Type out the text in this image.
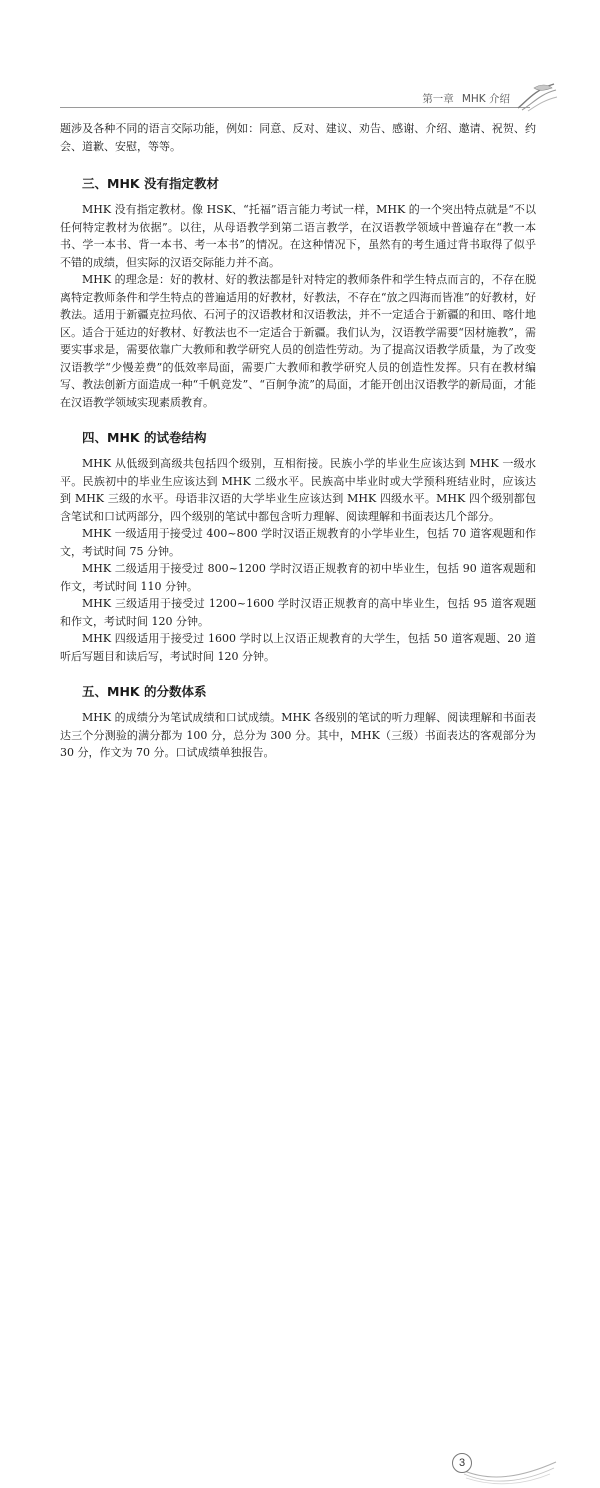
第一章 MHK 介绍

题涉及各种不同的语言交际功能，例如：同意、反对、建议、劝告、感谢、介绍、邀请、祝贺、约会、道歉、安慰，等等。

三、MHK 没有指定教材

MHK 没有指定教材。像 HSK、“托福”语言能力考试一样，MHK 的一个突出特点就是“不以任何特定教材为依据”。以往，从母语教学到第二语言教学，在汉语教学领域中普遍存在“教一本书、学一本书、背一本书、考一本书”的情况。在这种情况下，虽然有的考生通过背书取得了似乎不错的成绩，但实际的汉语交际能力并不高。

MHK 的理念是：好的教材、好的教法都是针对特定的教师条件和学生特点而言的，不存在脱离特定教师条件和学生特点的普遍适用的好教材，好教法，不存在“放之四海而皆准”的好教材，好教法。适用于新疆克拉玛依、石河子的汉语教材和汉语教法，并不一定适合于新疆的和田、喀什地区。适合于延边的好教材、好教法也不一定适合于新疆。我们认为，汉语教学需要“因材施教”，需要实事求是，需要依靠广大教师和教学研究人员的创造性劳动。为了提高汉语教学质量，为了改变汉语教学“少慢差费”的低效率局面，需要广大教师和教学研究人员的创造性发挥。只有在教材编写、教法创新方面造成一种“千帆竞发”、“百舸争流”的局面，才能开创出汉语教学的新局面，才能在汉语教学领域实现素质教育。

四、MHK 的试卷结构

MHK 从低级到高级共包括四个级别，互相衔接。民族小学的毕业生应该达到 MHK 一级水平。民族初中的毕业生应该达到 MHK 二级水平。民族高中毕业时或大学预科班结业时，应该达到 MHK 三级的水平。母语非汉语的大学毕业生应该达到 MHK 四级水平。MHK 四个级别都包含笔试和口试两部分，四个级别的笔试中都包含听力理解、阅读理解和书面表达几个部分。

MHK 一级适用于接受过 400~800 学时汉语正规教育的小学毕业生，包括 70 道客观题和作文，考试时间 75 分钟。

MHK 二级适用于接受过 800~1200 学时汉语正规教育的初中毕业生，包括 90 道客观题和作文，考试时间 110 分钟。

MHK 三级适用于接受过 1200~1600 学时汉语正规教育的高中毕业生，包括 95 道客观题和作文，考试时间 120 分钟。

MHK 四级适用于接受过 1600 学时以上汉语正规教育的大学生，包括 50 道客观题、20 道听后写题目和读后写，考试时间 120 分钟。

五、MHK 的分数体系

MHK 的成绩分为笔试成绩和口试成绩。MHK 各级别的笔试的听力理解、阅读理解和书面表达三个分测验的满分都为 100 分，总分为 300 分。其中，MHK（三级）书面表达的客观部分为 30 分，作文为 70 分。口试成绩单独报告。

3
